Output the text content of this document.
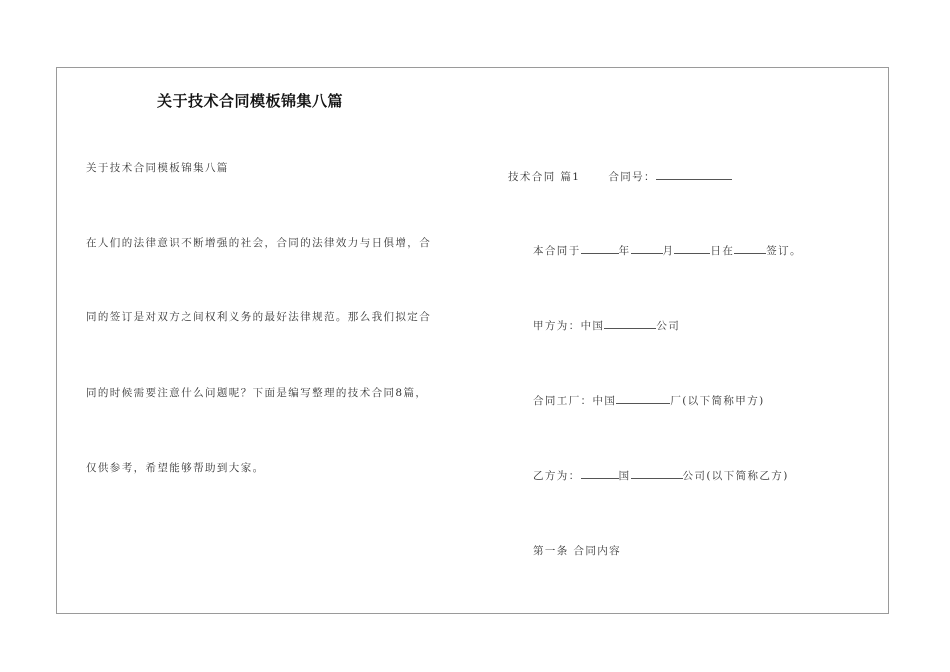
关于技术合同模板锦集八篇
关于技术合同模板锦集八篇
在人们的法律意识不断增强的社会，合同的法律效力与日俱增，合
同的签订是对双方之间权利义务的最好法律规范。那么我们拟定合
同的时候需要注意什么问题呢？下面是编写整理的技术合同8篇，
仅供参考，希望能够帮助到大家。
技术合同 篇1	合同号：
本合同于	年	月	日在	签订。
甲方为：中国	公司
合同工厂：中国	厂(以下简称甲方)
乙方为：	国	公司(以下简称乙方)
第一条 合同内容
